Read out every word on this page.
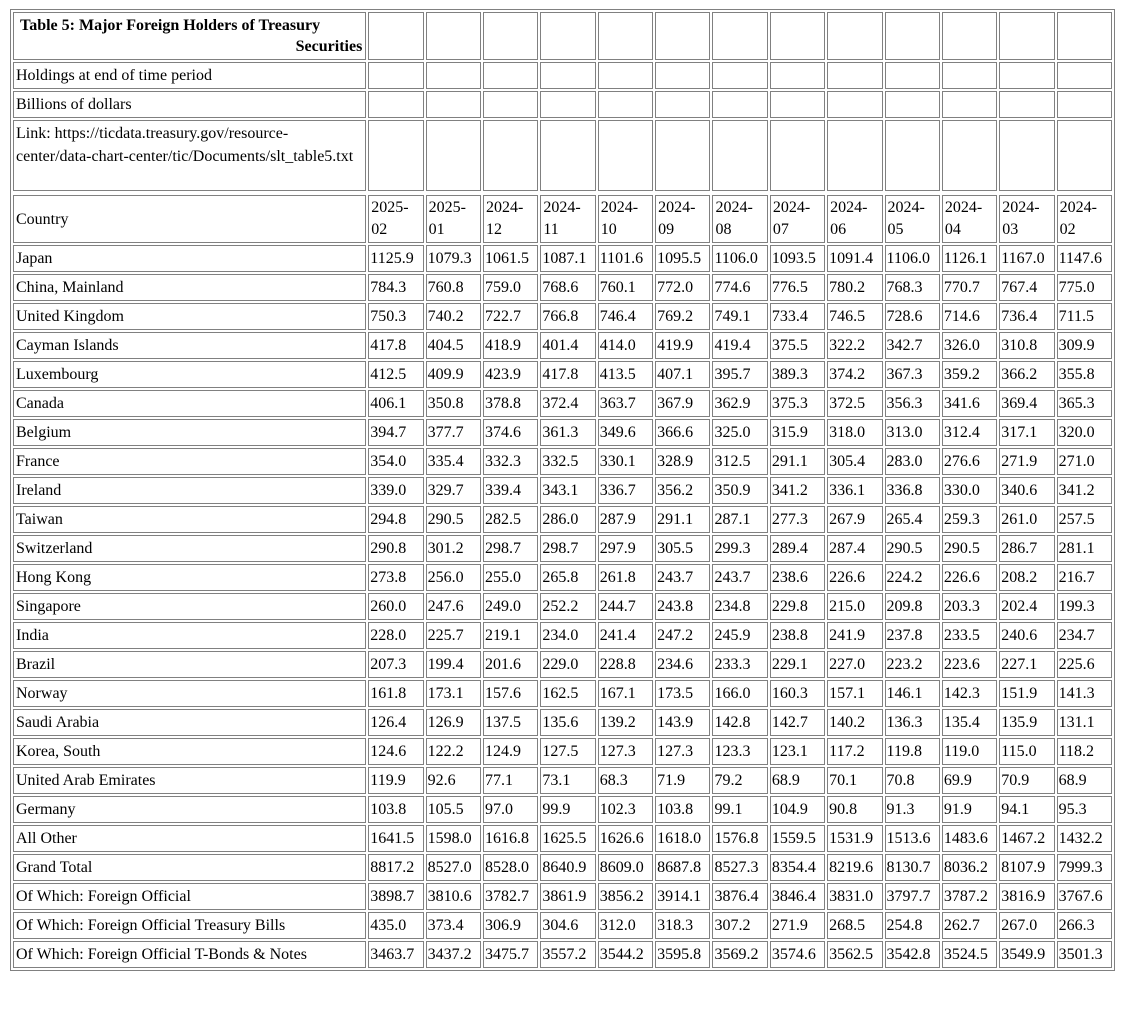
Table 5: Major Foreign Holders of Treasury
Securities													
Holdings at end of time period													
Billions of dollars													
Link: https://ticdata.treasury.gov/resource-center/data-chart-center/tic/Documents/slt_table5.txt													

Country	2025-02	2025-01	2024-12	2024-11	2024-10	2024-09	2024-08	2024-07	2024-06	2024-05	2024-04	2024-03	2024-02
Japan	1125.9	1079.3	1061.5	1087.1	1101.6	1095.5	1106.0	1093.5	1091.4	1106.0	1126.1	1167.0	1147.6
China, Mainland	784.3	760.8	759.0	768.6	760.1	772.0	774.6	776.5	780.2	768.3	770.7	767.4	775.0
United Kingdom	750.3	740.2	722.7	766.8	746.4	769.2	749.1	733.4	746.5	728.6	714.6	736.4	711.5
Cayman Islands	417.8	404.5	418.9	401.4	414.0	419.9	419.4	375.5	322.2	342.7	326.0	310.8	309.9
Luxembourg	412.5	409.9	423.9	417.8	413.5	407.1	395.7	389.3	374.2	367.3	359.2	366.2	355.8
Canada	406.1	350.8	378.8	372.4	363.7	367.9	362.9	375.3	372.5	356.3	341.6	369.4	365.3
Belgium	394.7	377.7	374.6	361.3	349.6	366.6	325.0	315.9	318.0	313.0	312.4	317.1	320.0
France	354.0	335.4	332.3	332.5	330.1	328.9	312.5	291.1	305.4	283.0	276.6	271.9	271.0
Ireland	339.0	329.7	339.4	343.1	336.7	356.2	350.9	341.2	336.1	336.8	330.0	340.6	341.2
Taiwan	294.8	290.5	282.5	286.0	287.9	291.1	287.1	277.3	267.9	265.4	259.3	261.0	257.5
Switzerland	290.8	301.2	298.7	298.7	297.9	305.5	299.3	289.4	287.4	290.5	290.5	286.7	281.1
Hong Kong	273.8	256.0	255.0	265.8	261.8	243.7	243.7	238.6	226.6	224.2	226.6	208.2	216.7
Singapore	260.0	247.6	249.0	252.2	244.7	243.8	234.8	229.8	215.0	209.8	203.3	202.4	199.3
India	228.0	225.7	219.1	234.0	241.4	247.2	245.9	238.8	241.9	237.8	233.5	240.6	234.7
Brazil	207.3	199.4	201.6	229.0	228.8	234.6	233.3	229.1	227.0	223.2	223.6	227.1	225.6
Norway	161.8	173.1	157.6	162.5	167.1	173.5	166.0	160.3	157.1	146.1	142.3	151.9	141.3
Saudi Arabia	126.4	126.9	137.5	135.6	139.2	143.9	142.8	142.7	140.2	136.3	135.4	135.9	131.1
Korea, South	124.6	122.2	124.9	127.5	127.3	127.3	123.3	123.1	117.2	119.8	119.0	115.0	118.2
United Arab Emirates	119.9	92.6	77.1	73.1	68.3	71.9	79.2	68.9	70.1	70.8	69.9	70.9	68.9
Germany	103.8	105.5	97.0	99.9	102.3	103.8	99.1	104.9	90.8	91.3	91.9	94.1	95.3
All Other	1641.5	1598.0	1616.8	1625.5	1626.6	1618.0	1576.8	1559.5	1531.9	1513.6	1483.6	1467.2	1432.2
Grand Total	8817.2	8527.0	8528.0	8640.9	8609.0	8687.8	8527.3	8354.4	8219.6	8130.7	8036.2	8107.9	7999.3
Of Which: Foreign Official	3898.7	3810.6	3782.7	3861.9	3856.2	3914.1	3876.4	3846.4	3831.0	3797.7	3787.2	3816.9	3767.6
Of Which: Foreign Official Treasury Bills	435.0	373.4	306.9	304.6	312.0	318.3	307.2	271.9	268.5	254.8	262.7	267.0	266.3
Of Which: Foreign Official T-Bonds & Notes	3463.7	3437.2	3475.7	3557.2	3544.2	3595.8	3569.2	3574.6	3562.5	3542.8	3524.5	3549.9	3501.3
